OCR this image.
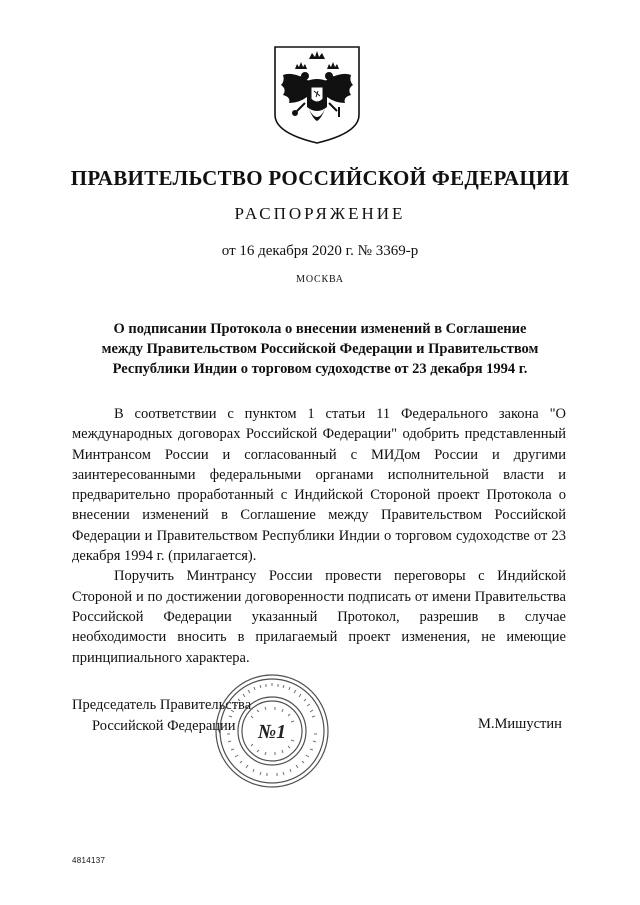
ПРАВИТЕЛЬСТВО РОССИЙСКОЙ ФЕДЕРАЦИИ
РАСПОРЯЖЕНИЕ
от 16 декабря 2020 г. № 3369-р
МОСКВА
О подписании Протокола о внесении изменений в Соглашение
между Правительством Российской Федерации и Правительством
Республики Индии о торговом судоходстве от 23 декабря 1994 г.

В соответствии с пунктом 1 статьи 11 Федерального закона "О международных договорах Российской Федерации" одобрить представленный Минтрансом России и согласованный с МИДом России и другими заинтересованными федеральными органами исполнительной власти и предварительно проработанный с Индийской Стороной проект Протокола о внесении изменений в Соглашение между Правительством Российской Федерации и Правительством Республики Индии о торговом судоходстве от 23 декабря 1994 г. (прилагается).

Поручить Минтрансу России провести переговоры с Индийской Стороной и по достижении договоренности подписать от имени Правительства Российской Федерации указанный Протокол, разрешив в случае необходимости вносить в прилагаемый проект изменения, не имеющие принципиального характера.

Председатель Правительства
Российской Федерации	№1	М.Мишустин
4814137
